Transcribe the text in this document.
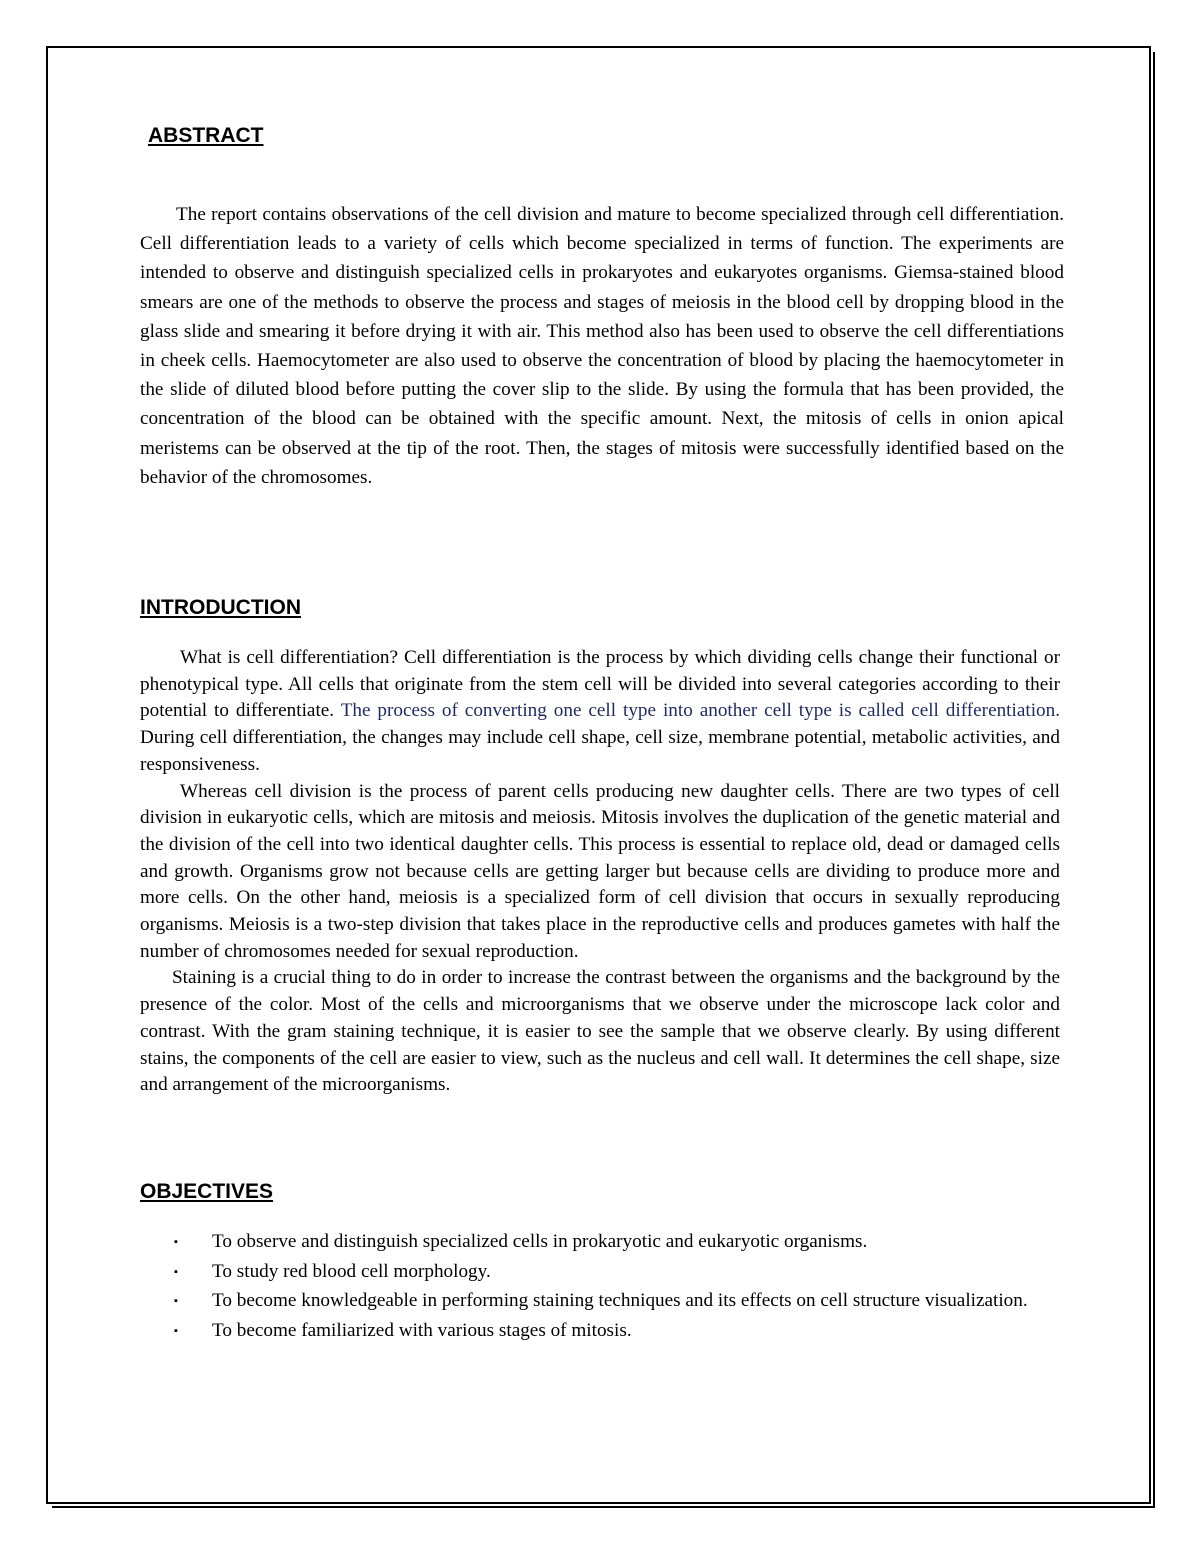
ABSTRACT

The report contains observations of the cell division and mature to become specialized through cell differentiation. Cell differentiation leads to a variety of cells which become specialized in terms of function. The experiments are intended to observe and distinguish specialized cells in prokaryotes and eukaryotes organisms. Giemsa-stained blood smears are one of the methods to observe the process and stages of meiosis in the blood cell by dropping blood in the glass slide and smearing it before drying it with air. This method also has been used to observe the cell differentiations in cheek cells. Haemocytometer are also used to observe the concentration of blood by placing the haemocytometer in the slide of diluted blood before putting the cover slip to the slide. By using the formula that has been provided, the concentration of the blood can be obtained with the specific amount. Next, the mitosis of cells in onion apical meristems can be observed at the tip of the root. Then, the stages of mitosis were successfully identified based on the behavior of the chromosomes.

INTRODUCTION

What is cell differentiation? Cell differentiation is the process by which dividing cells change their functional or phenotypical type. All cells that originate from the stem cell will be divided into several categories according to their potential to differentiate. The process of converting one cell type into another cell type is called cell differentiation. During cell differentiation, the changes may include cell shape, cell size, membrane potential, metabolic activities, and responsiveness.

Whereas cell division is the process of parent cells producing new daughter cells. There are two types of cell division in eukaryotic cells, which are mitosis and meiosis. Mitosis involves the duplication of the genetic material and the division of the cell into two identical daughter cells. This process is essential to replace old, dead or damaged cells and growth. Organisms grow not because cells are getting larger but because cells are dividing to produce more and more cells. On the other hand, meiosis is a specialized form of cell division that occurs in sexually reproducing organisms. Meiosis is a two-step division that takes place in the reproductive cells and produces gametes with half the number of chromosomes needed for sexual reproduction.

Staining is a crucial thing to do in order to increase the contrast between the organisms and the background by the presence of the color. Most of the cells and microorganisms that we observe under the microscope lack color and contrast. With the gram staining technique, it is easier to see the sample that we observe clearly. By using different stains, the components of the cell are easier to view, such as the nucleus and cell wall. It determines the cell shape, size and arrangement of the microorganisms.

OBJECTIVES
▪ To observe and distinguish specialized cells in prokaryotic and eukaryotic organisms.
▪ To study red blood cell morphology.
▪ To become knowledgeable in performing staining techniques and its effects on cell structure visualization.
▪ To become familiarized with various stages of mitosis.
